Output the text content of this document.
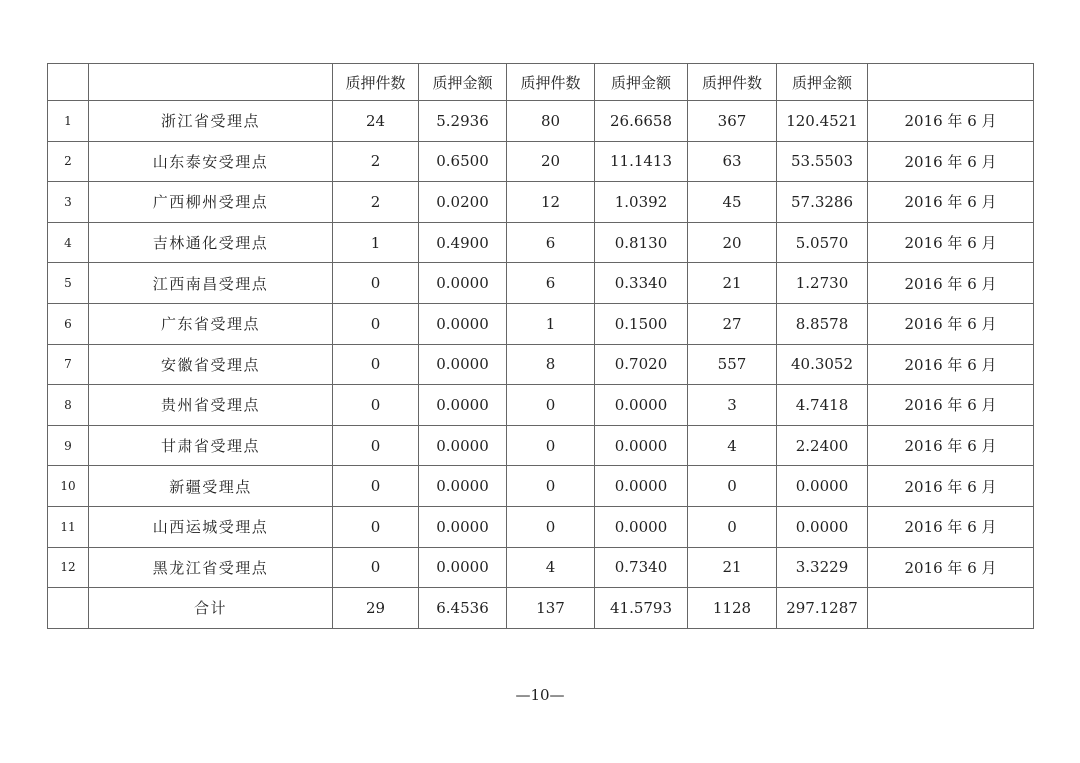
		质押件数	质押金额	质押件数	质押金额	质押件数	质押金额	
1	浙江省受理点	24	5.2936	80	26.6658	367	120.4521	2016 年 6 月
2	山东泰安受理点	2	0.6500	20	11.1413	63	53.5503	2016 年 6 月
3	广西柳州受理点	2	0.0200	12	1.0392	45	57.3286	2016 年 6 月
4	吉林通化受理点	1	0.4900	6	0.8130	20	5.0570	2016 年 6 月
5	江西南昌受理点	0	0.0000	6	0.3340	21	1.2730	2016 年 6 月
6	广东省受理点	0	0.0000	1	0.1500	27	8.8578	2016 年 6 月
7	安徽省受理点	0	0.0000	8	0.7020	557	40.3052	2016 年 6 月
8	贵州省受理点	0	0.0000	0	0.0000	3	4.7418	2016 年 6 月
9	甘肃省受理点	0	0.0000	0	0.0000	4	2.2400	2016 年 6 月
10	新疆受理点	0	0.0000	0	0.0000	0	0.0000	2016 年 6 月
11	山西运城受理点	0	0.0000	0	0.0000	0	0.0000	2016 年 6 月
12	黑龙江省受理点	0	0.0000	4	0.7340	21	3.3229	2016 年 6 月
	合计	29	6.4536	137	41.5793	1128	297.1287	
—10—
